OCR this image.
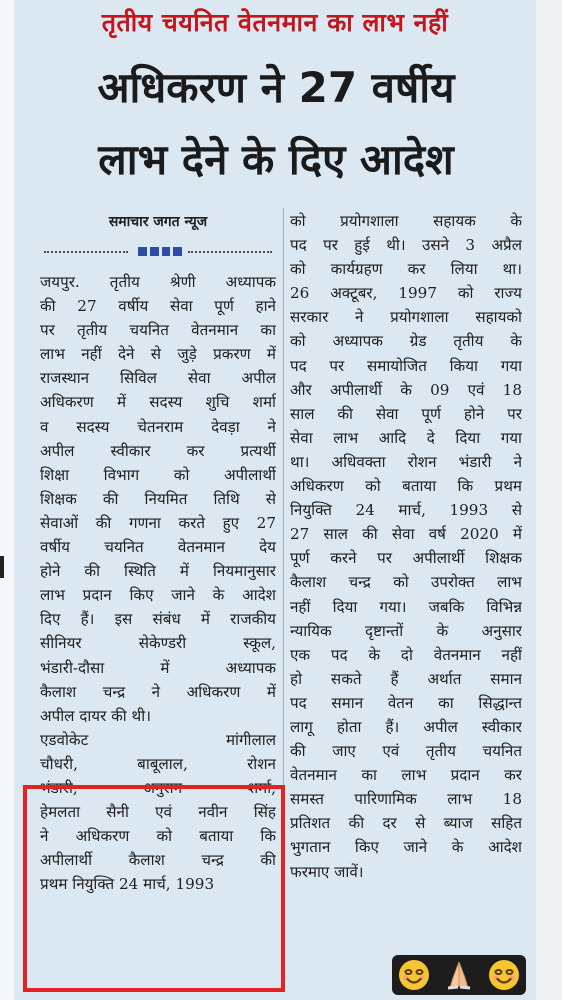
तृतीय चयनित वेतनमान का लाभ नहीं
अधिकरण ने 27 वर्षीय
लाभ देने के दिए आदेश
समाचार जगत न्यूज
जयपुर. तृतीय श्रेणी अध्यापक
की 27 वर्षीय सेवा पूर्ण हाने
पर तृतीय चयनित वेतनमान का
लाभ नहीं देने से जुड़े प्रकरण में
राजस्थान सिविल सेवा अपील
अधिकरण में सदस्य शुचि शर्मा
व सदस्य चेतनराम देवड़ा ने
अपील स्वीकार कर प्रत्यर्थी
शिक्षा विभाग को अपीलार्थी
शिक्षक की नियमित तिथि से
सेवाओं की गणना करते हुए 27
वर्षीय चयनित वेतनमान देय
होने की स्थिति में नियमानुसार
लाभ प्रदान किए जाने के आदेश
दिए हैं। इस संबंध में राजकीय
सीनियर सेकेण्डरी स्कूल,
भंडारी-दौसा में अध्यापक
कैलाश चन्द्र ने अधिकरण में
अपील दायर की थी।
एडवोकेट मांगीलाल
चौधरी, बाबूलाल, रोशन
भंडारी, अनुराग शर्मा,
हेमलता सैनी एवं नवीन सिंह
ने अधिकरण को बताया कि
अपीलार्थी कैलाश चन्द्र की
प्रथम नियुक्ति 24 मार्च, 1993
को प्रयोगशाला सहायक के
पद पर हुई थी। उसने 3 अप्रैल
को कार्यग्रहण कर लिया था।
26 अक्टूबर, 1997 को राज्य
सरकार ने प्रयोगशाला सहायको
को अध्यापक ग्रेड तृतीय के
पद पर समायोजित किया गया
और अपीलार्थी के 09 एवं 18
साल की सेवा पूर्ण होने पर
सेवा लाभ आदि दे दिया गया
था। अधिवक्ता रोशन भंडारी ने
अधिकरण को बताया कि प्रथम
नियुक्ति 24 मार्च, 1993 से
27 साल की सेवा वर्ष 2020 में
पूर्ण करने पर अपीलार्थी शिक्षक
कैलाश चन्द्र को उपरोक्त लाभ
नहीं दिया गया। जबकि विभिन्न
न्यायिक दृष्टान्तों के अनुसार
एक पद के दो वेतनमान नहीं
हो सकते हैं अर्थात समान
पद समान वेतन का सिद्धान्त
लागू होता हैं। अपील स्वीकार
की जाए एवं तृतीय चयनित
वेतनमान का लाभ प्रदान कर
समस्त पारिणामिक लाभ 18
प्रतिशत की दर से ब्याज सहित
भुगतान किए जाने के आदेश
फरमाए जावें।
